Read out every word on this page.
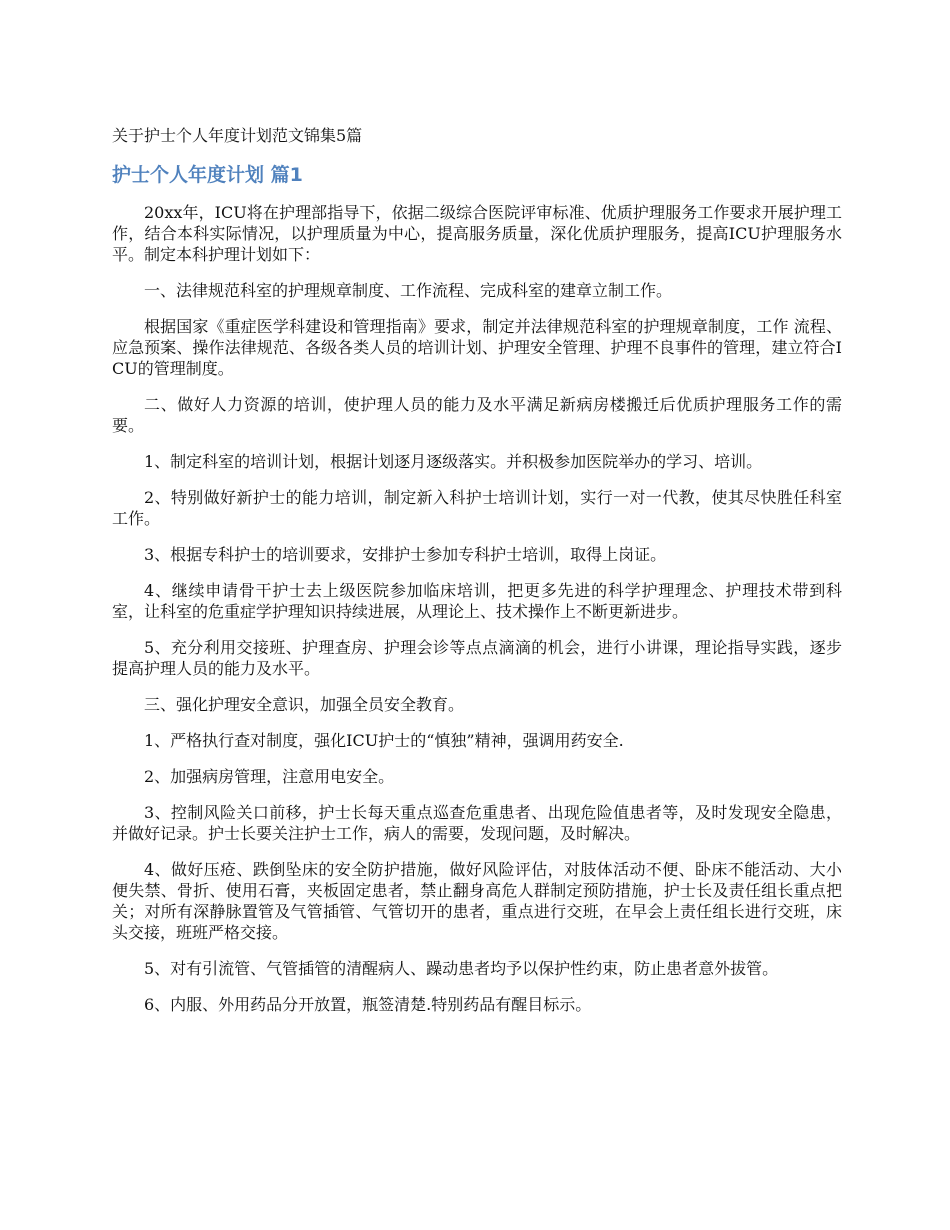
关于护士个人年度计划范文锦集5篇
护士个人年度计划 篇1

20xx年，ICU将在护理部指导下，依据二级综合医院评审标准、优质护理服务工作要求开展护理工作，结合本科实际情况，以护理质量为中心，提高服务质量，深化优质护理服务，提高ICU护理服务水平。制定本科护理计划如下：

一、法律规范科室的护理规章制度、工作流程、完成科室的建章立制工作。

根据国家《重症医学科建设和管理指南》要求，制定并法律规范科室的护理规章制度，工作 流程、应急预案、操作法律规范、各级各类人员的培训计划、护理安全管理、护理不良事件的管理，建立符合ICU的管理制度。

二、做好人力资源的培训，使护理人员的能力及水平满足新病房楼搬迁后优质护理服务工作的需要。

1、制定科室的培训计划，根据计划逐月逐级落实。并积极参加医院举办的学习、培训。

2、特别做好新护士的能力培训，制定新入科护士培训计划，实行一对一代教，使其尽快胜任科室工作。

3、根据专科护士的培训要求，安排护士参加专科护士培训，取得上岗证。

4、继续申请骨干护士去上级医院参加临床培训，把更多先进的科学护理理念、护理技术带到科室，让科室的危重症学护理知识持续进展，从理论上、技术操作上不断更新进步。

5、充分利用交接班、护理查房、护理会诊等点点滴滴的机会，进行小讲课，理论指导实践，逐步提高护理人员的能力及水平。

三、强化护理安全意识，加强全员安全教育。

1、严格执行查对制度，强化ICU护士的“慎独”精神，强调用药安全.

2、加强病房管理，注意用电安全。

3、控制风险关口前移，护士长每天重点巡查危重患者、出现危险值患者等，及时发现安全隐患，并做好记录。护士长要关注护士工作，病人的需要，发现问题，及时解决。

4、做好压疮、跌倒坠床的安全防护措施，做好风险评估，对肢体活动不便、卧床不能活动、大小便失禁、骨折、使用石膏，夹板固定患者，禁止翻身高危人群制定预防措施，护士长及责任组长重点把关；对所有深静脉置管及气管插管、气管切开的患者，重点进行交班，在早会上责任组长进行交班，床头交接，班班严格交接。

5、对有引流管、气管插管的清醒病人、躁动患者均予以保护性约束，防止患者意外拔管。

6、内服、外用药品分开放置，瓶签清楚.特别药品有醒目标示。
